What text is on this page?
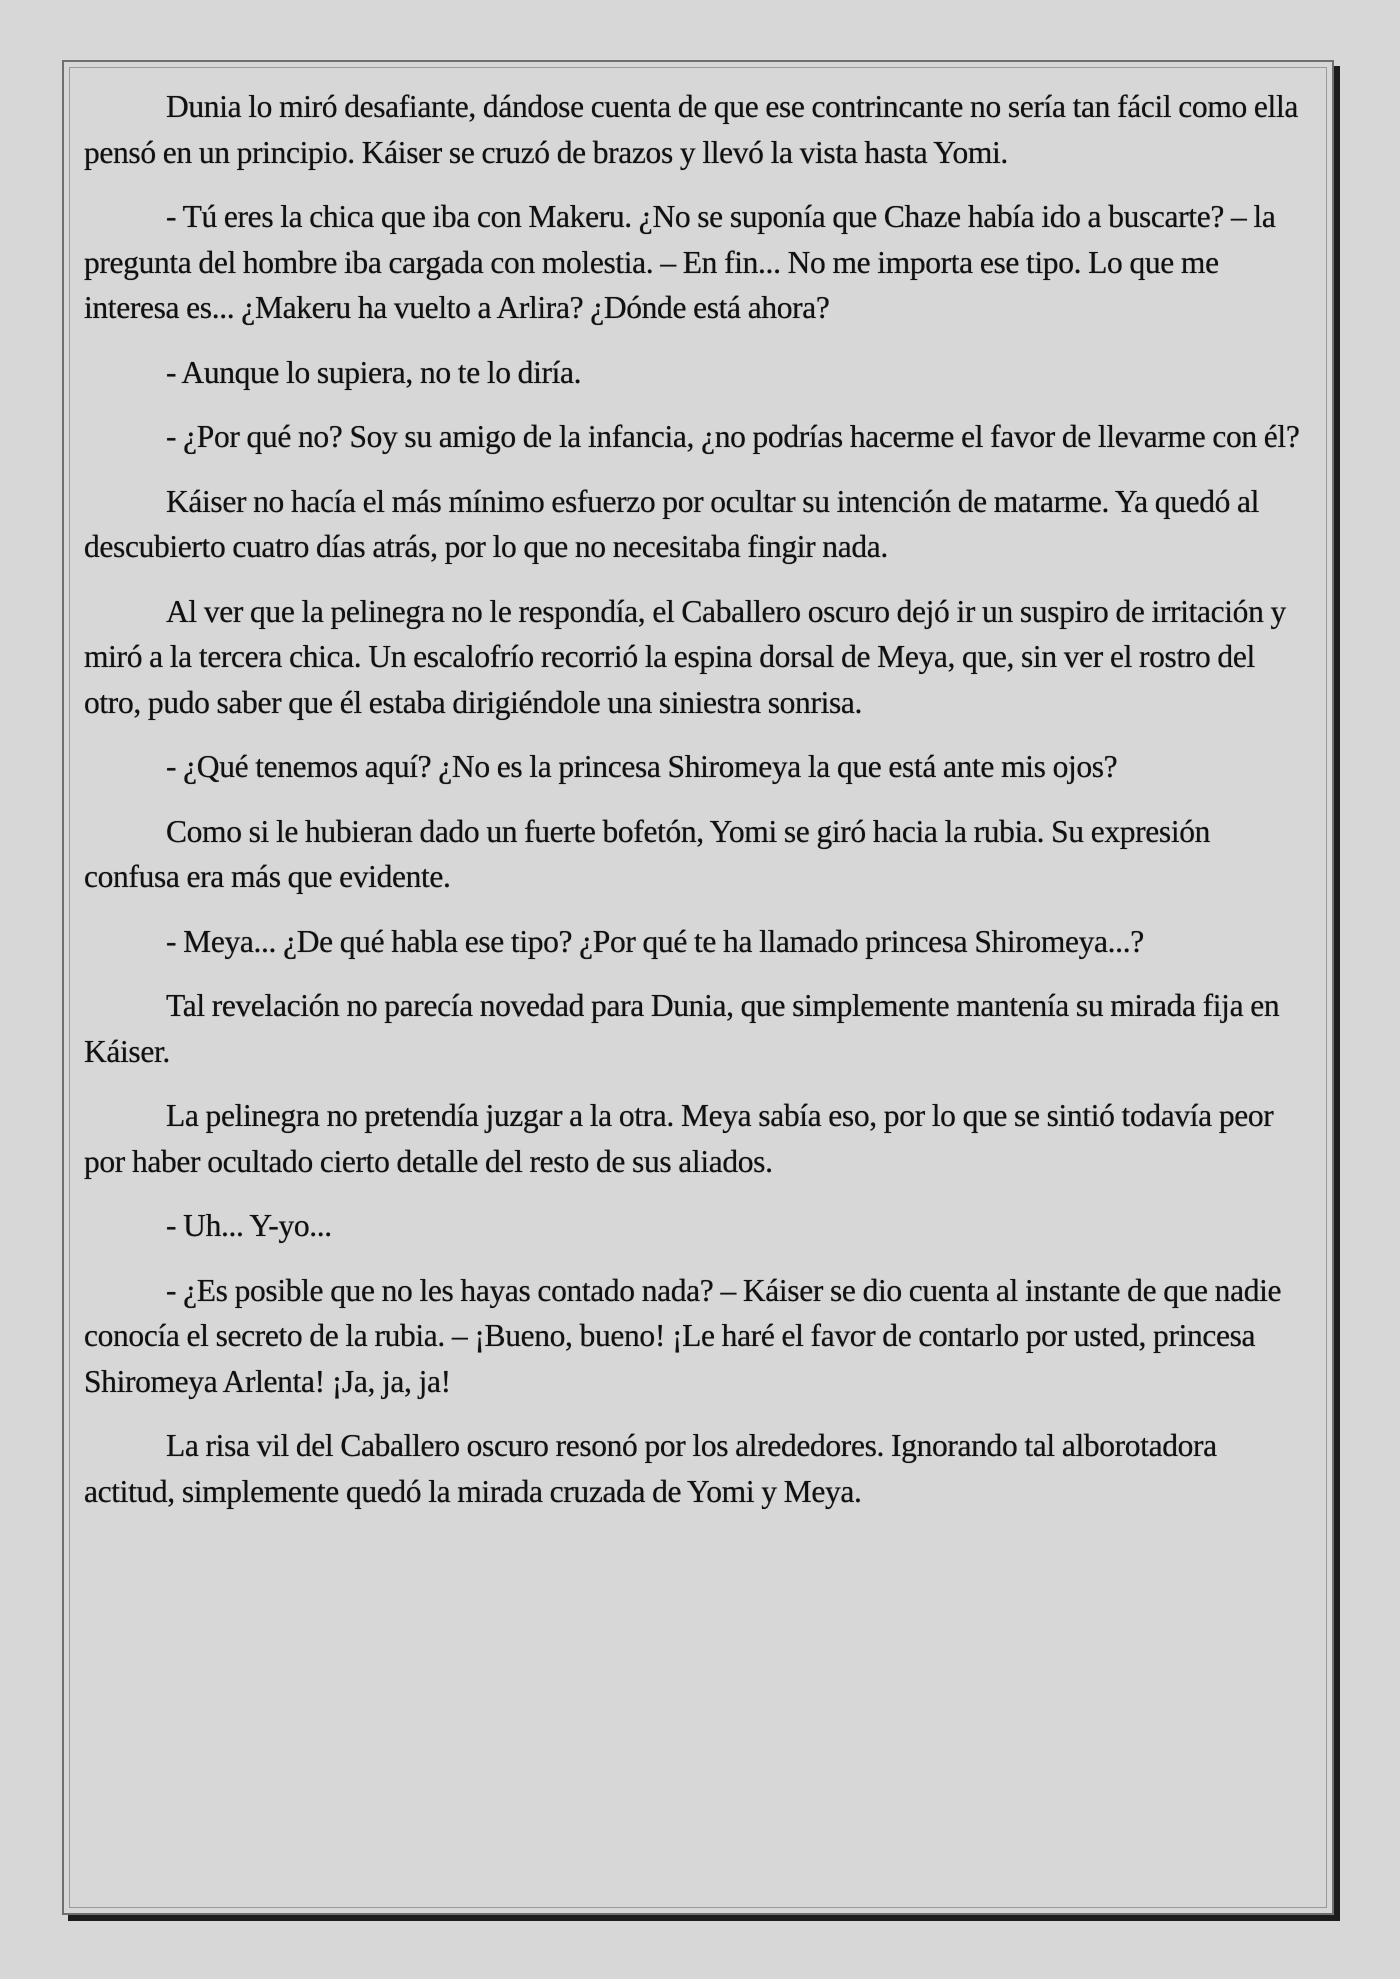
Dunia lo miró desafiante, dándose cuenta de que ese contrincante no sería tan fácil como ella pensó en un principio. Káiser se cruzó de brazos y llevó la vista hasta Yomi.

- Tú eres la chica que iba con Makeru. ¿No se suponía que Chaze había ido a buscarte? – la pregunta del hombre iba cargada con molestia. – En fin... No me importa ese tipo. Lo que me interesa es... ¿Makeru ha vuelto a Arlira? ¿Dónde está ahora?

- Aunque lo supiera, no te lo diría.

- ¿Por qué no? Soy su amigo de la infancia, ¿no podrías hacerme el favor de llevarme con él?

Káiser no hacía el más mínimo esfuerzo por ocultar su intención de matarme. Ya quedó al descubierto cuatro días atrás, por lo que no necesitaba fingir nada.

Al ver que la pelinegra no le respondía, el Caballero oscuro dejó ir un suspiro de irritación y miró a la tercera chica. Un escalofrío recorrió la espina dorsal de Meya, que, sin ver el rostro del otro, pudo saber que él estaba dirigiéndole una siniestra sonrisa.

- ¿Qué tenemos aquí? ¿No es la princesa Shiromeya la que está ante mis ojos?

Como si le hubieran dado un fuerte bofetón, Yomi se giró hacia la rubia. Su expresión confusa era más que evidente.

- Meya... ¿De qué habla ese tipo? ¿Por qué te ha llamado princesa Shiromeya...?

Tal revelación no parecía novedad para Dunia, que simplemente mantenía su mirada fija en Káiser.

La pelinegra no pretendía juzgar a la otra. Meya sabía eso, por lo que se sintió todavía peor por haber ocultado cierto detalle del resto de sus aliados.

- Uh... Y-yo...

- ¿Es posible que no les hayas contado nada? – Káiser se dio cuenta al instante de que nadie conocía el secreto de la rubia. – ¡Bueno, bueno! ¡Le haré el favor de contarlo por usted, princesa Shiromeya Arlenta! ¡Ja, ja, ja!

La risa vil del Caballero oscuro resonó por los alrededores. Ignorando tal alborotadora actitud, simplemente quedó la mirada cruzada de Yomi y Meya.
